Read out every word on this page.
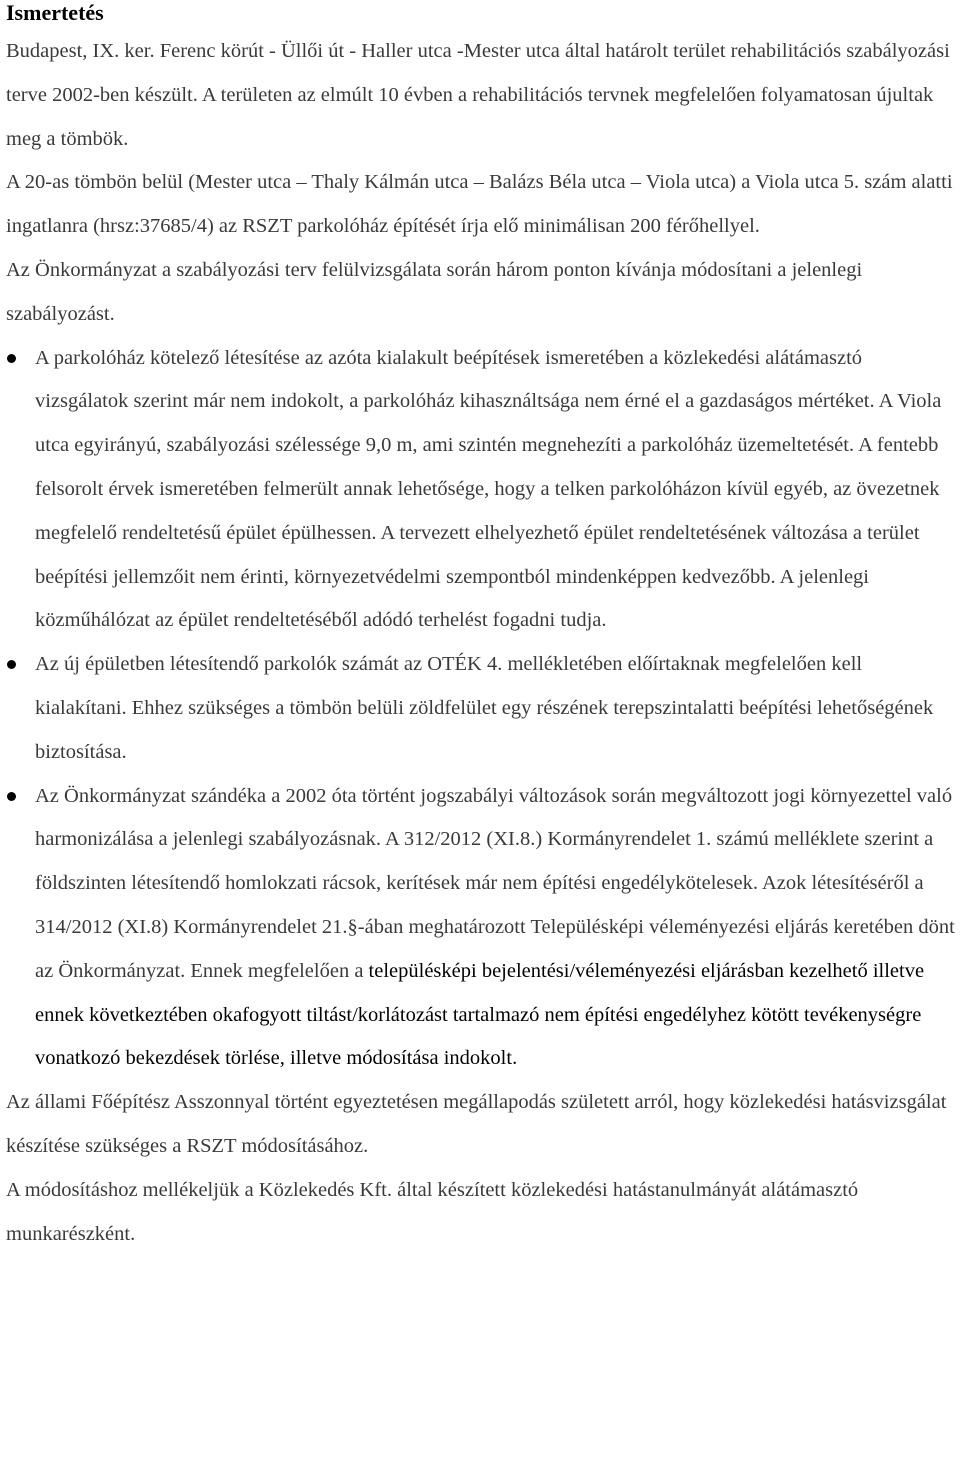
Ismertetés

Budapest, IX. ker. Ferenc körút - Üllői út - Haller utca -Mester utca által határolt terület rehabilitációs szabályozási terve 2002-ben készült. A területen az elmúlt 10 évben a rehabilitációs tervnek megfelelően folyamatosan újultak meg a tömbök.

A 20-as tömbön belül (Mester utca – Thaly Kálmán utca – Balázs Béla utca – Viola utca) a Viola utca 5. szám alatti ingatlanra (hrsz:37685/4) az RSZT parkolóház építését írja elő minimálisan 200 férőhellyel.

Az Önkormányzat a szabályozási terv felülvizsgálata során három ponton kívánja módosítani a jelenlegi szabályozást.

A parkolóház kötelező létesítése az azóta kialakult beépítések ismeretében a közlekedési alátámasztó vizsgálatok szerint már nem indokolt, a parkolóház kihasználtsága nem érné el a gazdaságos mértéket. A Viola utca egyirányú, szabályozási szélessége 9,0 m, ami szintén megnehezíti a parkolóház üzemeltetését. A fentebb felsorolt érvek ismeretében felmerült annak lehetősége, hogy a telken parkolóházon kívül egyéb, az övezetnek megfelelő rendeltetésű épület épülhessen. A tervezett elhelyezhető épület rendeltetésének változása a terület beépítési jellemzőit nem érinti, környezetvédelmi szempontból mindenképpen kedvezőbb. A jelenlegi közműhálózat az épület rendeltetéséből adódó terhelést fogadni tudja.
Az új épületben létesítendő parkolók számát az OTÉK 4. mellékletében előírtaknak megfelelően kell kialakítani. Ehhez szükséges a tömbön belüli zöldfelület egy részének terepszintalatti beépítési lehetőségének biztosítása.
Az Önkormányzat szándéka a 2002 óta történt jogszabályi változások során megváltozott jogi környezettel való harmonizálása a jelenlegi szabályozásnak. A 312/2012 (XI.8.) Kormányrendelet 1. számú melléklete szerint a földszinten létesítendő homlokzati rácsok, kerítések már nem építési engedélykötelesek. Azok létesítéséről a 314/2012 (XI.8) Kormányrendelet 21.§-ában meghatározott Településképi véleményezési eljárás keretében dönt az Önkormányzat. Ennek megfelelően a településképi bejelentési/véleményezési eljárásban kezelhető illetve ennek következtében okafogyott tiltást/korlátozást tartalmazó nem építési engedélyhez kötött tevékenységre vonatkozó bekezdések törlése, illetve módosítása indokolt.

Az állami Főépítész Asszonnyal történt egyeztetésen megállapodás született arról, hogy közlekedési hatásvizsgálat készítése szükséges a RSZT módosításához.

A módosításhoz mellékeljük a Közlekedés Kft. által készített közlekedési hatástanulmányát alátámasztó munkarészként.
